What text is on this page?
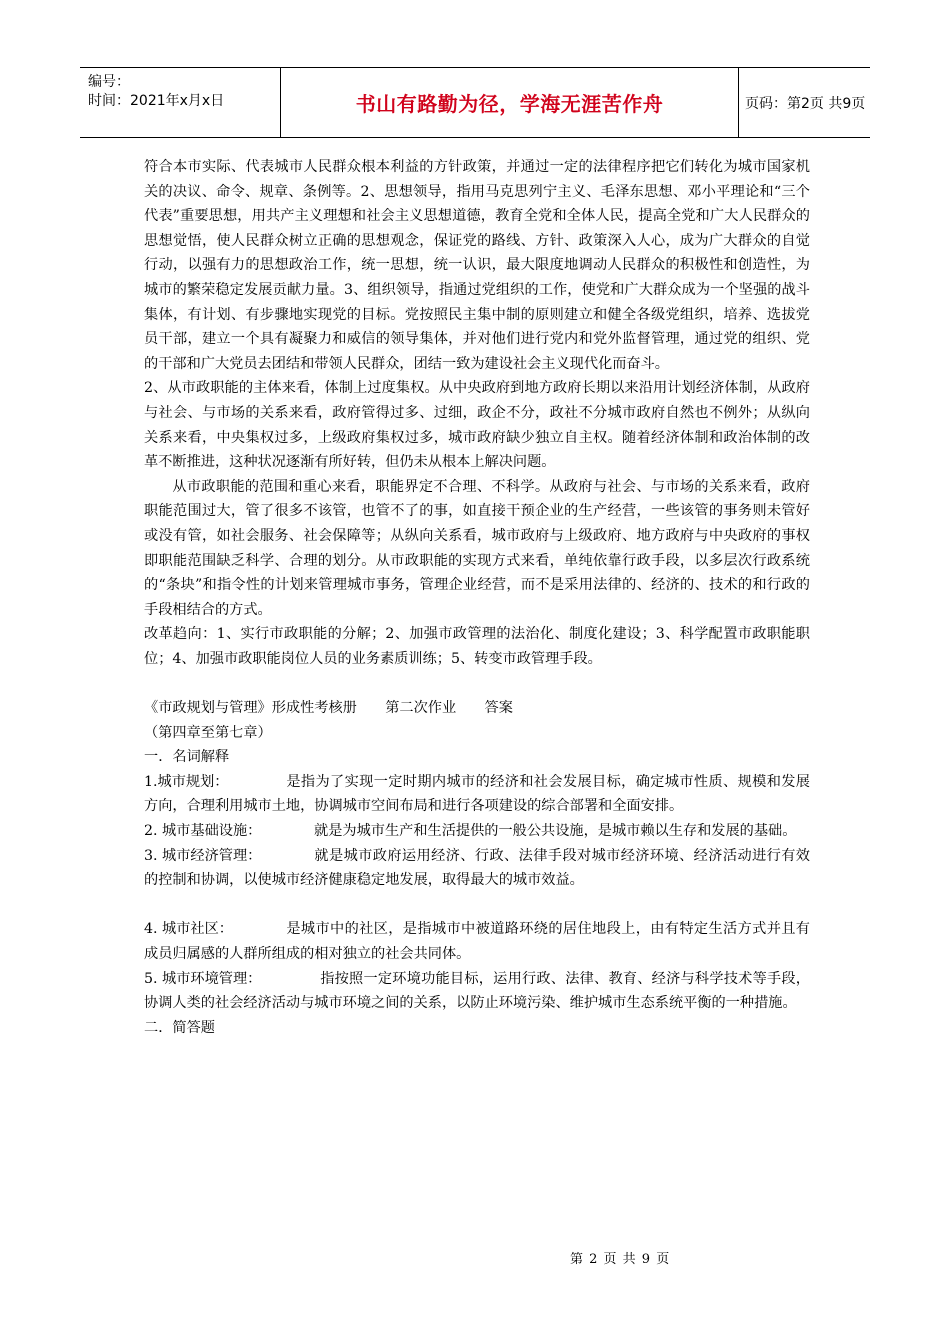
编号：
时间：2021年x月x日	书山有路勤为径，学海无涯苦作舟	页码：第2页 共9页

符合本市实际、代表城市人民群众根本利益的方针政策，并通过一定的法律程序把它们转化为城市国家机关的决议、命令、规章、条例等。2、思想领导，指用马克思列宁主义、毛泽东思想、邓小平理论和“三个代表”重要思想，用共产主义理想和社会主义思想道德，教育全党和全体人民，提高全党和广大人民群众的思想觉悟，使人民群众树立正确的思想观念，保证党的路线、方针、政策深入人心，成为广大群众的自觉行动，以强有力的思想政治工作，统一思想，统一认识，最大限度地调动人民群众的积极性和创造性，为城市的繁荣稳定发展贡献力量。3、组织领导，指通过党组织的工作，使党和广大群众成为一个坚强的战斗集体，有计划、有步骤地实现党的目标。党按照民主集中制的原则建立和健全各级党组织，培养、选拔党员干部，建立一个具有凝聚力和威信的领导集体，并对他们进行党内和党外监督管理，通过党的组织、党的干部和广大党员去团结和带领人民群众，团结一致为建设社会主义现代化而奋斗。

2、从市政职能的主体来看，体制上过度集权。从中央政府到地方政府长期以来沿用计划经济体制，从政府与社会、与市场的关系来看，政府管得过多、过细，政企不分，政社不分城市政府自然也不例外；从纵向关系来看，中央集权过多，上级政府集权过多，城市政府缺少独立自主权。随着经济体制和政治体制的改革不断推进，这种状况逐渐有所好转，但仍未从根本上解决问题。

从市政职能的范围和重心来看，职能界定不合理、不科学。从政府与社会、与市场的关系来看，政府职能范围过大，管了很多不该管，也管不了的事，如直接干预企业的生产经营，一些该管的事务则未管好或没有管，如社会服务、社会保障等；从纵向关系看，城市政府与上级政府、地方政府与中央政府的事权即职能范围缺乏科学、合理的划分。从市政职能的实现方式来看，单纯依靠行政手段，以多层次行政系统的“条块”和指令性的计划来管理城市事务，管理企业经营，而不是采用法律的、经济的、技术的和行政的手段相结合的方式。

改革趋向：1、实行市政职能的分解；2、加强市政管理的法治化、制度化建设；3、科学配置市政职能职位；4、加强市政职能岗位人员的业务素质训练；5、转变市政管理手段。

《市政规划与管理》形成性考核册　　第二次作业　　答案

（第四章至第七章）

一．名词解释

1.城市规划：	是指为了实现一定时期内城市的经济和社会发展目标，确定城市性质、规模和发展方向，合理利用城市土地，协调城市空间布局和进行各项建设的综合部署和全面安排。

2. 城市基础设施：	就是为城市生产和生活提供的一般公共设施，是城市赖以生存和发展的基础。

3. 城市经济管理：	就是城市政府运用经济、行政、法律手段对城市经济环境、经济活动进行有效的控制和协调，以使城市经济健康稳定地发展，取得最大的城市效益。

4. 城市社区：	是城市中的社区，是指城市中被道路环绕的居住地段上，由有特定生活方式并且有成员归属感的人群所组成的相对独立的社会共同体。

5. 城市环境管理：	指按照一定环境功能目标，运用行政、法律、教育、经济与科学技术等手段，协调人类的社会经济活动与城市环境之间的关系，以防止环境污染、维护城市生态系统平衡的一种措施。

二．简答题

第 2 页 共 9 页
